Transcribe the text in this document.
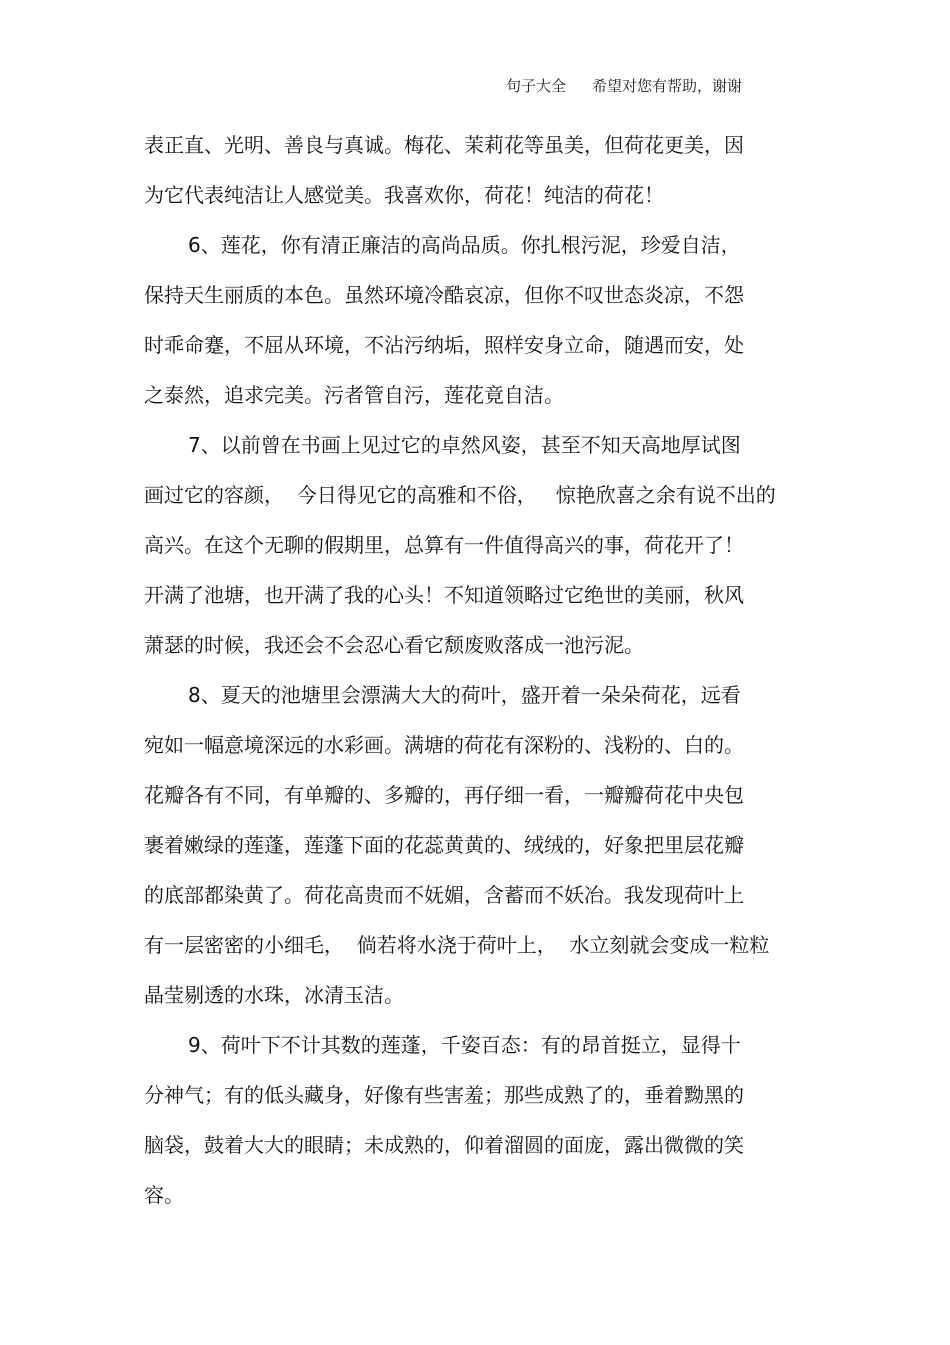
句子大全 希望对您有帮助，谢谢
表正直、光明、善良与真诚。梅花、茉莉花等虽美，但荷花更美，因
为它代表纯洁让人感觉美。我喜欢你，荷花！纯洁的荷花！
6、莲花，你有清正廉洁的高尚品质。你扎根污泥，珍爱自洁，
保持天生丽质的本色。虽然环境冷酷哀凉，但你不叹世态炎凉，不怨
时乖命蹇，不屈从环境，不沾污纳垢，照样安身立命，随遇而安，处
之泰然，追求完美。污者管自污，莲花竟自洁。
7、以前曾在书画上见过它的卓然风姿，甚至不知天高地厚试图
画过它的容颜，  今日得见它的高雅和不俗，   惊艳欣喜之余有说不出的
高兴。在这个无聊的假期里，总算有一件值得高兴的事，荷花开了！
开满了池塘，也开满了我的心头！不知道领略过它绝世的美丽，秋风
萧瑟的时候，我还会不会忍心看它颓废败落成一池污泥。
8、夏天的池塘里会漂满大大的荷叶，盛开着一朵朵荷花，远看
宛如一幅意境深远的水彩画。满塘的荷花有深粉的、浅粉的、白的。
花瓣各有不同，有单瓣的、多瓣的，再仔细一看，一瓣瓣荷花中央包
裹着嫩绿的莲蓬，莲蓬下面的花蕊黄黄的、绒绒的，好象把里层花瓣
的底部都染黄了。荷花高贵而不妩媚，含蓄而不妖冶。我发现荷叶上
有一层密密的小细毛，  倘若将水浇于荷叶上，  水立刻就会变成一粒粒
晶莹剔透的水珠，冰清玉洁。
9、荷叶下不计其数的莲蓬，千姿百态：有的昂首挺立，显得十
分神气；有的低头藏身，好像有些害羞；那些成熟了的，垂着黝黑的
脑袋，鼓着大大的眼睛；未成熟的，仰着溜圆的面庞，露出微微的笑
容。
